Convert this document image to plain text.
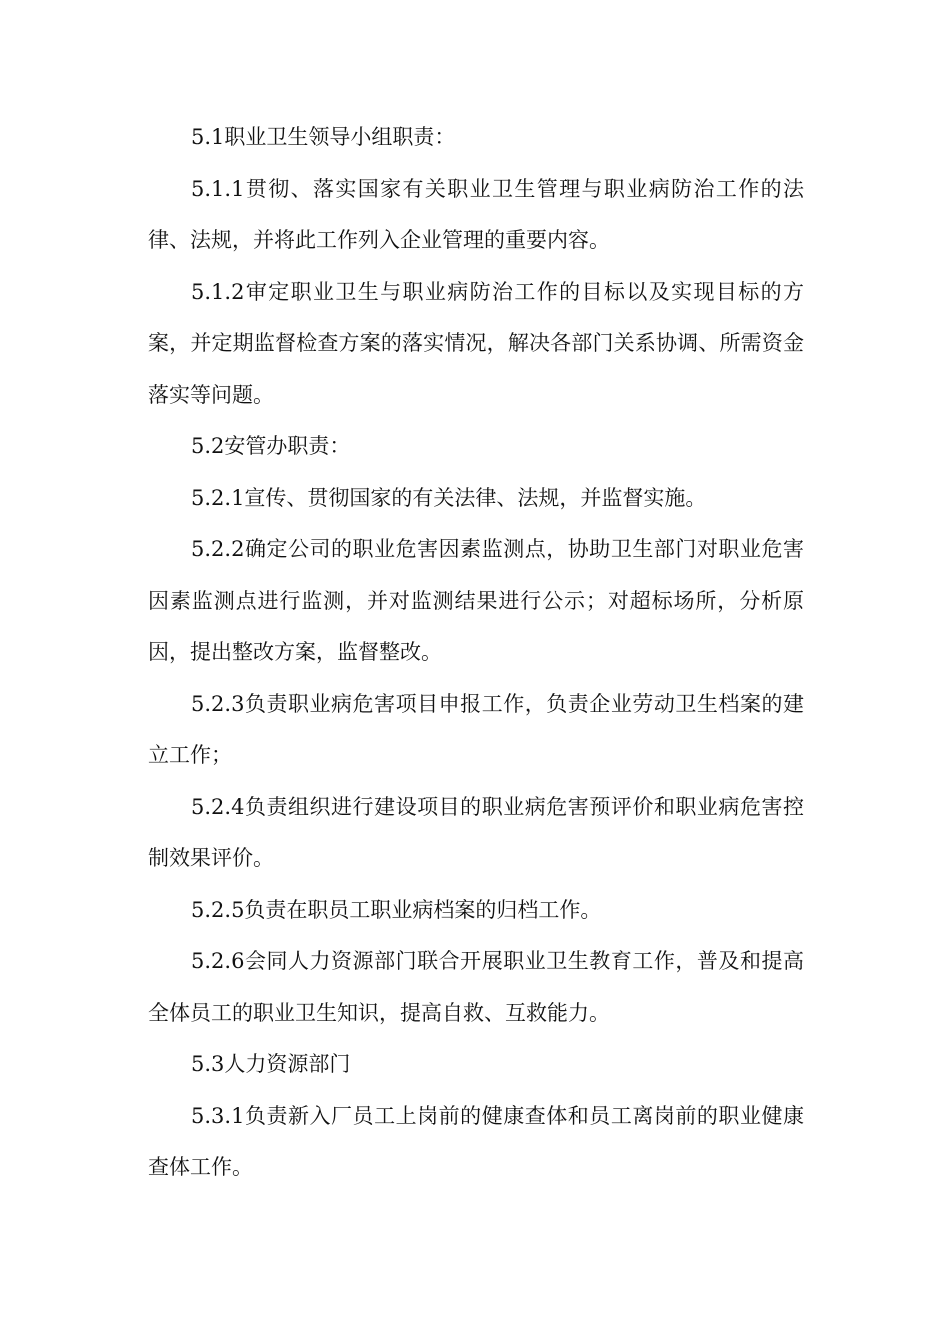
5.1职业卫生领导小组职责：

5.1.1贯彻、落实国家有关职业卫生管理与职业病防治工作的法律、法规，并将此工作列入企业管理的重要内容。

5.1.2审定职业卫生与职业病防治工作的目标以及实现目标的方案，并定期监督检查方案的落实情况，解决各部门关系协调、所需资金落实等问题。

5.2安管办职责：

5.2.1宣传、贯彻国家的有关法律、法规，并监督实施。

5.2.2确定公司的职业危害因素监测点，协助卫生部门对职业危害因素监测点进行监测，并对监测结果进行公示；对超标场所，分析原因，提出整改方案，监督整改。

5.2.3负责职业病危害项目申报工作，负责企业劳动卫生档案的建立工作；

5.2.4负责组织进行建设项目的职业病危害预评价和职业病危害控制效果评价。

5.2.5负责在职员工职业病档案的归档工作。

5.2.6会同人力资源部门联合开展职业卫生教育工作，普及和提高全体员工的职业卫生知识，提高自救、互救能力。

5.3人力资源部门

5.3.1负责新入厂员工上岗前的健康查体和员工离岗前的职业健康查体工作。
